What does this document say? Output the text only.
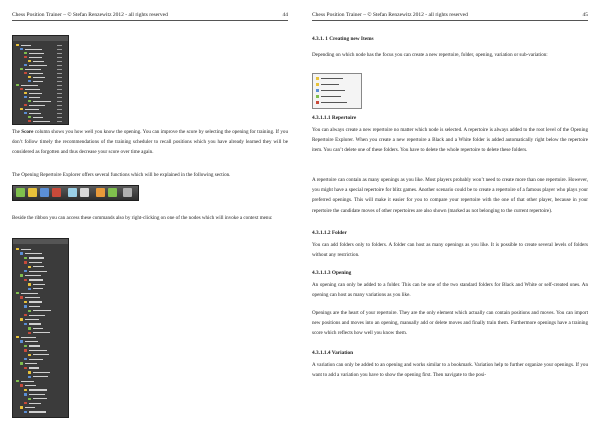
Chess Position Trainer – © Stefan Renzewitz 2012 - all rights reserved	44

The Score column shows you how well you know the opening. You can improve the score by selecting the opening for training. If you don’t follow timely the recommendations of the training scheduler to recall positions which you have already learned they will be considered as forgotten and thus decrease your score over time again.

The Opening Repertoire Explorer offers several functions which will be explained in the following section.

Beside the ribbon you can access these commands also by right-clicking on one of the nodes which will invoke a context menu:

Chess Position Trainer – © Stefan Renzewitz 2012 - all rights reserved	45

4.3.1. 1 Creating new Items

Depending on which node has the focus you can create a new repertoire, folder, opening, variation or sub-variation:

4.3.1.1.1 Repertoire

You can always create a new repertoire no matter which node is selected. A repertoire is always added to the root level of the Opening Repertoire Explorer. When you create a new repertoire a Black and a White folder is added automatically right below the repertoire item. You can’t delete one of these folders. You have to delete the whole repertoire to delete these folders.

A repertoire can contain as many openings as you like. Most players probably won’t need to create more than one repertoire. However, you might have a special repertoire for blitz games. Another scenario could be to create a repertoire of a famous player who plays your preferred openings. This will make it easier for you to compare your repertoire with the one of that other player, because in your repertoire the candidate moves of other repertoires are also shown (marked as not belonging to the current repertoire).

4.3.1.1.2 Folder

You can add folders only to folders. A folder can host as many openings as you like. It is possible to create several levels of folders without any restriction.

4.3.1.1.3 Opening

An opening can only be added to a folder. This can be one of the two standard folders for Black and White or self-created ones. An opening can host as many variations as you like.

Openings are the heart of your repertoire. They are the only element which actually can contain positions and moves. You can import new positions and moves into an opening, manually add or delete moves and finally train them. Furthermore openings have a training score which reflects how well you know them.

4.3.1.1.4 Variation

A variation can only be added to an opening and works similar to a bookmark. Variation help to further organize your openings. If you want to add a variation you have to show the opening first. Then navigate to the posi-
